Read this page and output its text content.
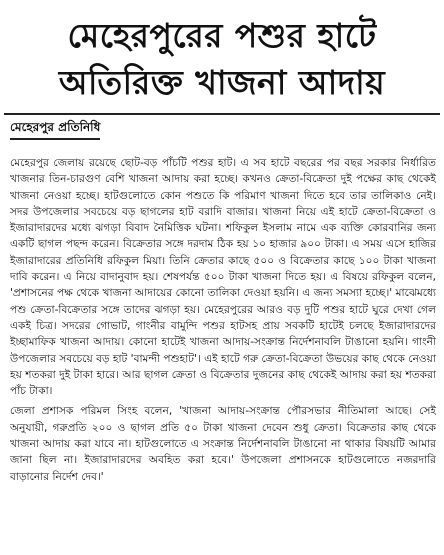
মেহেরপুরের পশুর হাটে
অতিরিক্ত খাজনা আদায়
মেহেরপুর প্রতিনিধি

মেহেরপুর জেলায় রয়েছে ছোট-বড় পাঁচটি পশুর হাট। এ সব হাটে বছরের পর বছর সরকার নির্ধারিত খাজনার তিন-চারগুণ বেশি খাজনা আদায় করা হচ্ছে। কখনও ক্রেতা-বিক্রেতা দুই পক্ষের কাছ থেকেই খাজনা নেওয়া হচ্ছে। হাটগুলোতে কোন পশুতে কি পরিমাণ খাজনা দিতে হবে তার তালিকাও নেই। সদর উপজেলার সবচেয়ে বড় ছাগলের হাট বরাদি বাজার। খাজনা নিয়ে এই হাটে ক্রেতা-বিক্রেতা ও ইজারাদারদের মধ্যে ঝগড়া বিবাদ নৈমিত্তিক ঘটনা। শফিকুল ইসলাম নামে এক ব্যক্তি কোরবানির জন্য একটি ছাগল পছন্দ করেন। বিক্রেতার সঙ্গে দরদাম ঠিক হয় ১০ হাজার ৯০০ টাকা। এ সময় এসে হাজির ইজারাদারের প্রতিনিধি রফিকুল মিয়া। তিনি ক্রেতার কাছে ৫০০ ও বিক্রেতার কাছে ১০০ টাকা খাজনা দাবি করেন। এ নিয়ে বাদানুবাদ হয়। শেষপর্যন্ত ৫০০ টাকা খাজনা দিতে হয়। এ বিষয়ে রফিকুল বলেন, 'প্রশাসনের পক্ষ থেকে খাজনা আদায়ের কোনো তালিকা দেওয়া হয়নি। এ জন্য সমস্যা হচ্ছে।' মাঝেমধ্যে পশু ক্রেতা-বিক্রেতার সঙ্গে তাদের ঝগড়া হয়। মেহেরপুরের আরও বড় দুটি পশুর হাটে ঘুরে দেখা গেল একই চিত্র। সদরের গোভাট, গাংনীর বামুন্দি পশুর হাটসহ প্রায় সবকটি হাটেই চলছে ইজারাদারদের ইচ্ছামাফিক খাজনা আদায়। কোনো হাটেই খাজনা আদায়-সংক্রান্ত নির্দেশনাবলি টাঙানো হয়নি। গাংনী উপজেলার সবচেয়ে বড় হাট 'বামন্দী পশুহাট'। এই হাটে গরু ক্রেতা-বিক্রেতা উভয়ের কাছ থেকে নেওয়া হয় শতকরা দুই টাকা হারে। আর ছাগল ক্রেতা ও বিক্রেতার দুজনের কাছ থেকেই আদায় করা হয় শতকরা পাঁচ টাকা।

জেলা প্রশাসক পরিমল সিংহ বলেন, 'খাজনা আদায়-সংক্রান্ত পৌরসভার নীতিমালা আছে। সেই অনুযায়ী, গরুপ্রতি ২০০ ও ছাগল প্রতি ৫০ টাকা খাজনা দেবেন শুধু ক্রেতা। বিক্রেতার কাছ থেকে খাজনা আদায় করা যাবে না। হাটগুলোতে এ সংক্রান্ত নির্দেশনাবলি টাঙানো না থাকার বিষয়টি আমার জানা ছিল না। ইজারাদারদের অবহিত করা হবে।' উপজেলা প্রশাসনকে হাটগুলোতে নজরদারি বাড়ানোর নির্দেশ দেব।'
